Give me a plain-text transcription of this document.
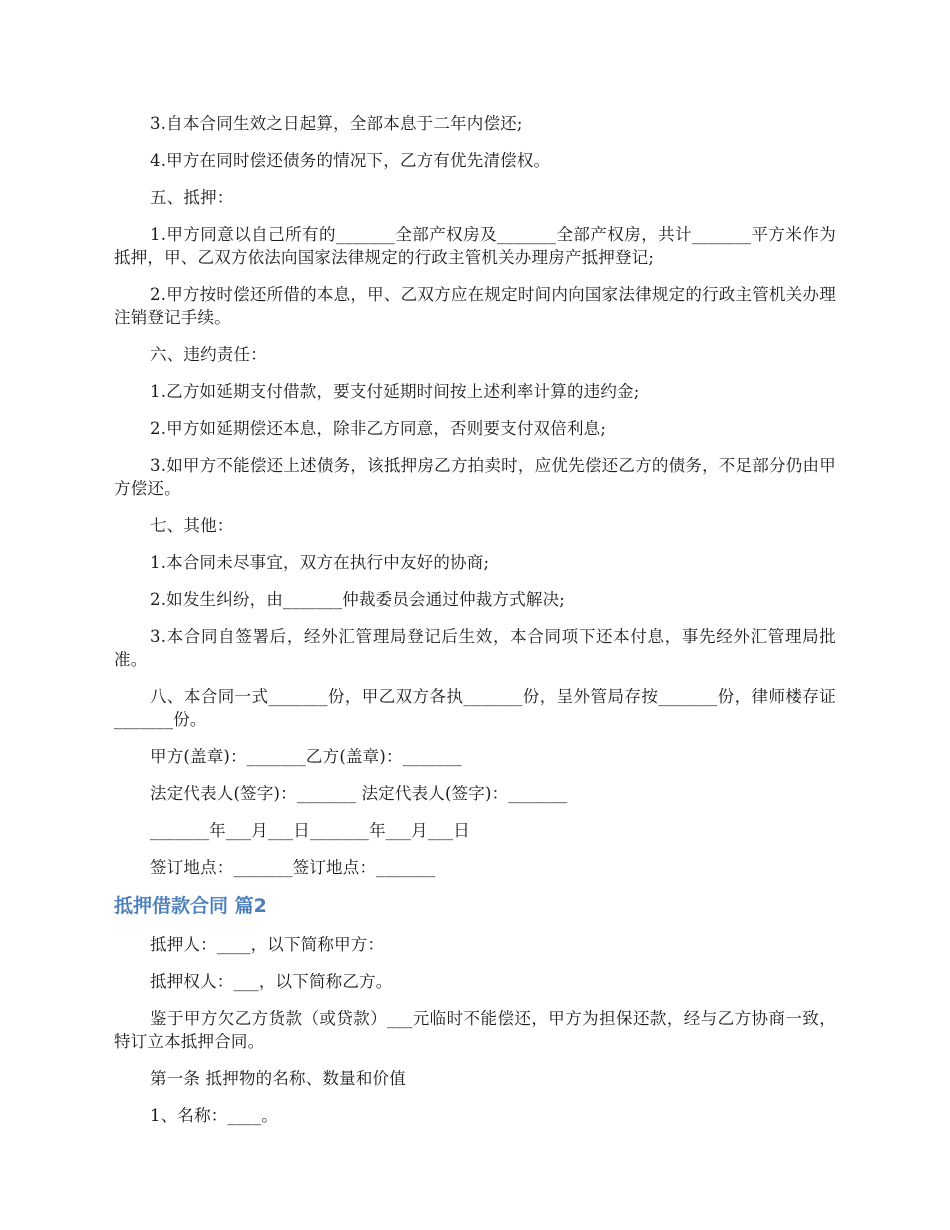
3.自本合同生效之日起算，全部本息于二年内偿还;

4.甲方在同时偿还债务的情况下，乙方有优先清偿权。

五、抵押：

1.甲方同意以自己所有的_______全部产权房及_______全部产权房，共计_______平方米作为抵押，甲、乙双方依法向国家法律规定的行政主管机关办理房产抵押登记;

2.甲方按时偿还所借的本息，甲、乙双方应在规定时间内向国家法律规定的行政主管机关办理注销登记手续。

六、违约责任：

1.乙方如延期支付借款，要支付延期时间按上述利率计算的违约金;

2.甲方如延期偿还本息，除非乙方同意，否则要支付双倍利息;

3.如甲方不能偿还上述债务，该抵押房乙方拍卖时，应优先偿还乙方的债务，不足部分仍由甲方偿还。

七、其他：

1.本合同未尽事宜，双方在执行中友好的协商;

2.如发生纠纷，由_______仲裁委员会通过仲裁方式解决;

3.本合同自签署后，经外汇管理局登记后生效，本合同项下还本付息，事先经外汇管理局批准。

八、本合同一式_______份，甲乙双方各执_______份，呈外管局存按_______份，律师楼存证_______份。

甲方(盖章)：_______乙方(盖章)：_______

法定代表人(签字)：_______ 法定代表人(签字)：_______

_______年___月___日_______年___月___日

签订地点：_______签订地点：_______

抵押借款合同 篇2

抵押人：____，以下简称甲方：

抵押权人：___，以下简称乙方。

鉴于甲方欠乙方货款（或贷款）___元临时不能偿还，甲方为担保还款，经与乙方协商一致，特订立本抵押合同。

第一条 抵押物的名称、数量和价值

1、名称：____。
